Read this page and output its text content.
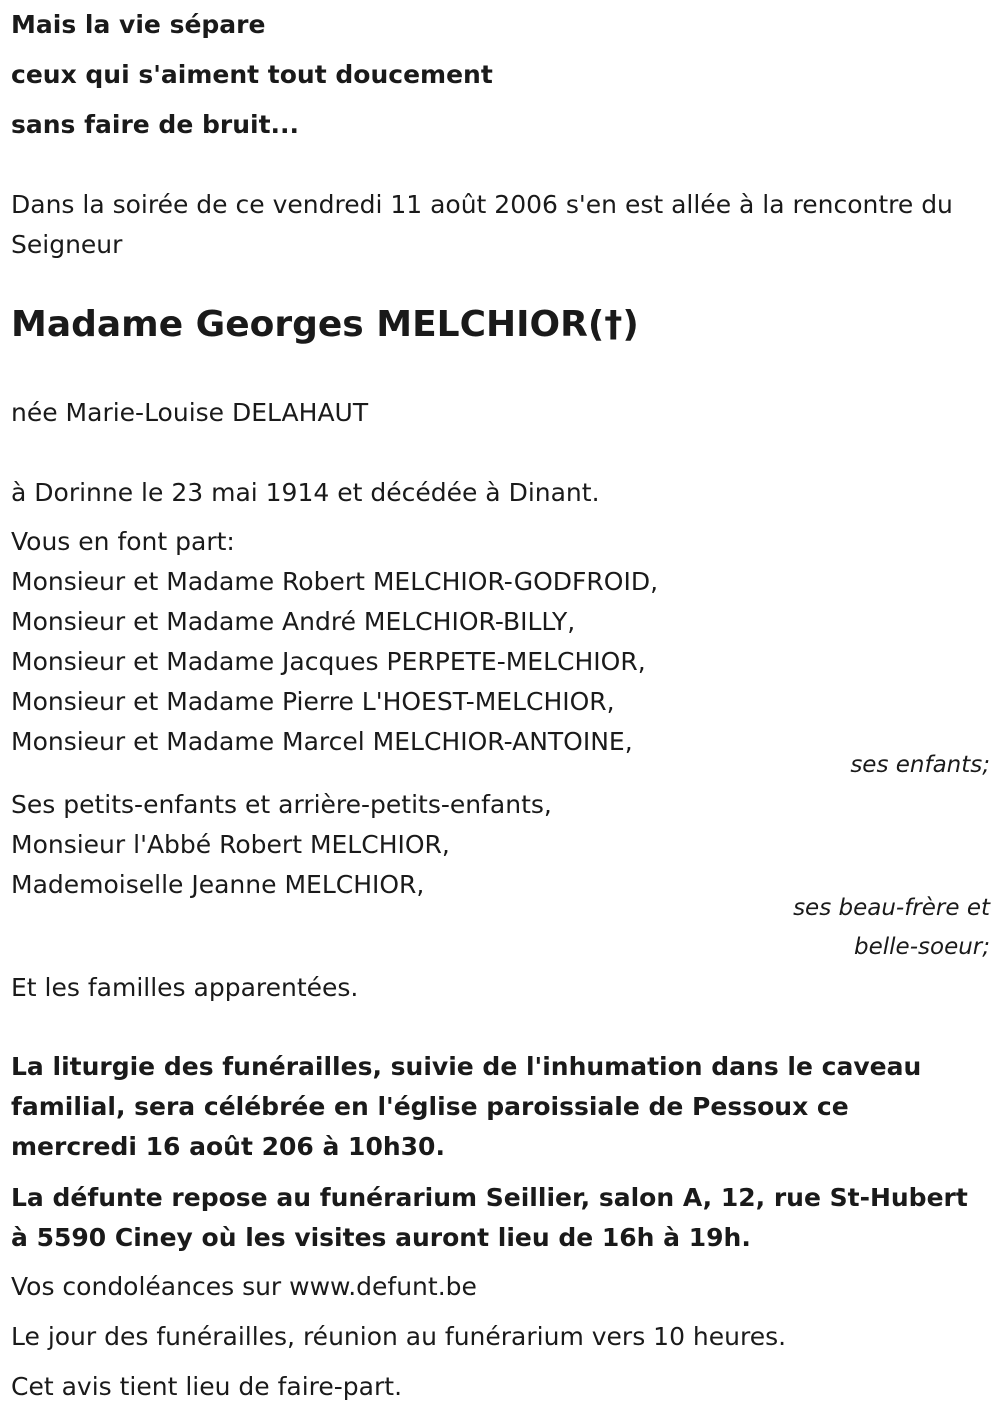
Mais la vie sépare

ceux qui s'aiment tout doucement

sans faire de bruit...

Dans la soirée de ce vendredi 11 août 2006 s'en est allée à la rencontre du Seigneur

Madame Georges MELCHIOR(†)

née Marie-Louise DELAHAUT

à Dorinne le 23 mai 1914 et décédée à Dinant.

Vous en font part:

Monsieur et Madame Robert MELCHIOR-GODFROID,

Monsieur et Madame André MELCHIOR-BILLY,

Monsieur et Madame Jacques PERPETE-MELCHIOR,

Monsieur et Madame Pierre L'HOEST-MELCHIOR,

Monsieur et Madame Marcel MELCHIOR-ANTOINE,

ses enfants;

Ses petits-enfants et arrière-petits-enfants,

Monsieur l'Abbé Robert MELCHIOR,

Mademoiselle Jeanne MELCHIOR,

ses beau-frère et

belle-soeur;

Et les familles apparentées.

La liturgie des funérailles, suivie de l'inhumation dans le caveau familial, sera célébrée en l'église paroissiale de Pessoux ce mercredi 16 août 206 à 10h30.

La défunte repose au funérarium Seillier, salon A, 12, rue St-Hubert à 5590 Ciney où les visites auront lieu de 16h à 19h.

Vos condoléances sur www.defunt.be

Le jour des funérailles, réunion au funérarium vers 10 heures.

Cet avis tient lieu de faire-part.
